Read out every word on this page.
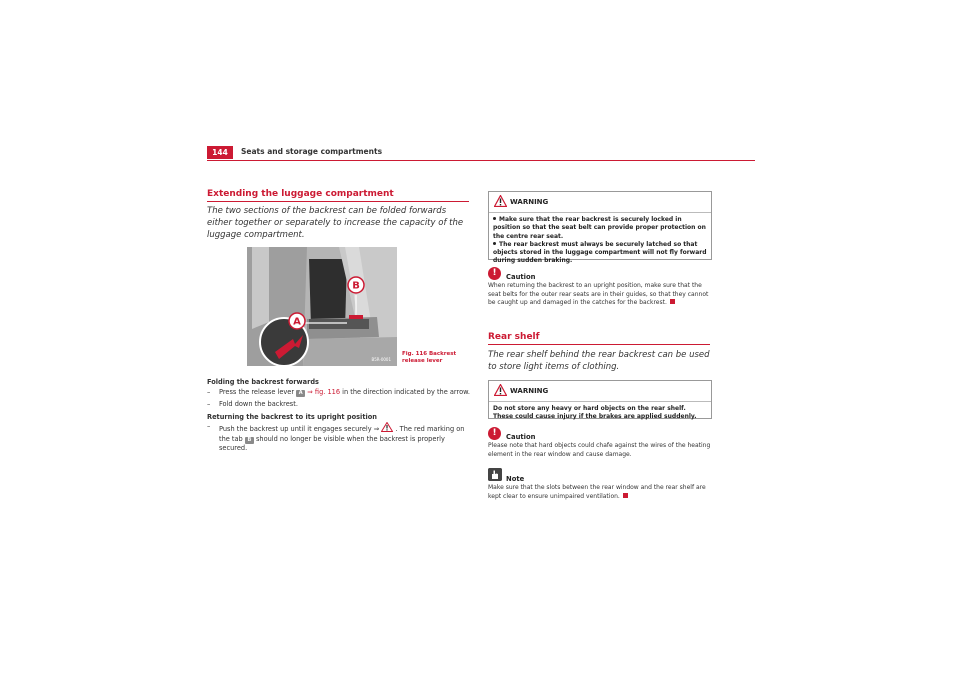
144	Seats and storage compartments
Extending the luggage compartment
The two sections of the backrest can be folded forwards either together or separately to increase the capacity of the luggage compartment.
A
B
B5R-0001
Fig. 116 Backrest release lever
Folding the backrest forwards
– Press the release lever A ⇒ fig. 116 in the direction indicated by the arrow.
– Fold down the backrest.
Returning the backrest to its upright position
– Push the backrest up until it engages securely ⇒ . The red marking on the tab B should no longer be visible when the backrest is properly secured.
WARNING
Make sure that the rear backrest is securely locked in position so that the seat belt can provide proper protection on the centre rear seat.
The rear backrest must always be securely latched so that objects stored in the luggage compartment will not fly forward during sudden braking.
!	Caution
When returning the backrest to an upright position, make sure that the seat belts for the outer rear seats are in their guides, so that they cannot be caught up and damaged in the catches for the backrest.
Rear shelf
The rear shelf behind the rear backrest can be used to store light items of clothing.
WARNING
Do not store any heavy or hard objects on the rear shelf. These could cause injury if the brakes are applied suddenly.
!	Caution
Please note that hard objects could chafe against the wires of the heating element in the rear window and cause damage.
Note
Make sure that the slots between the rear window and the rear shelf are kept clear to ensure unimpaired ventilation.
